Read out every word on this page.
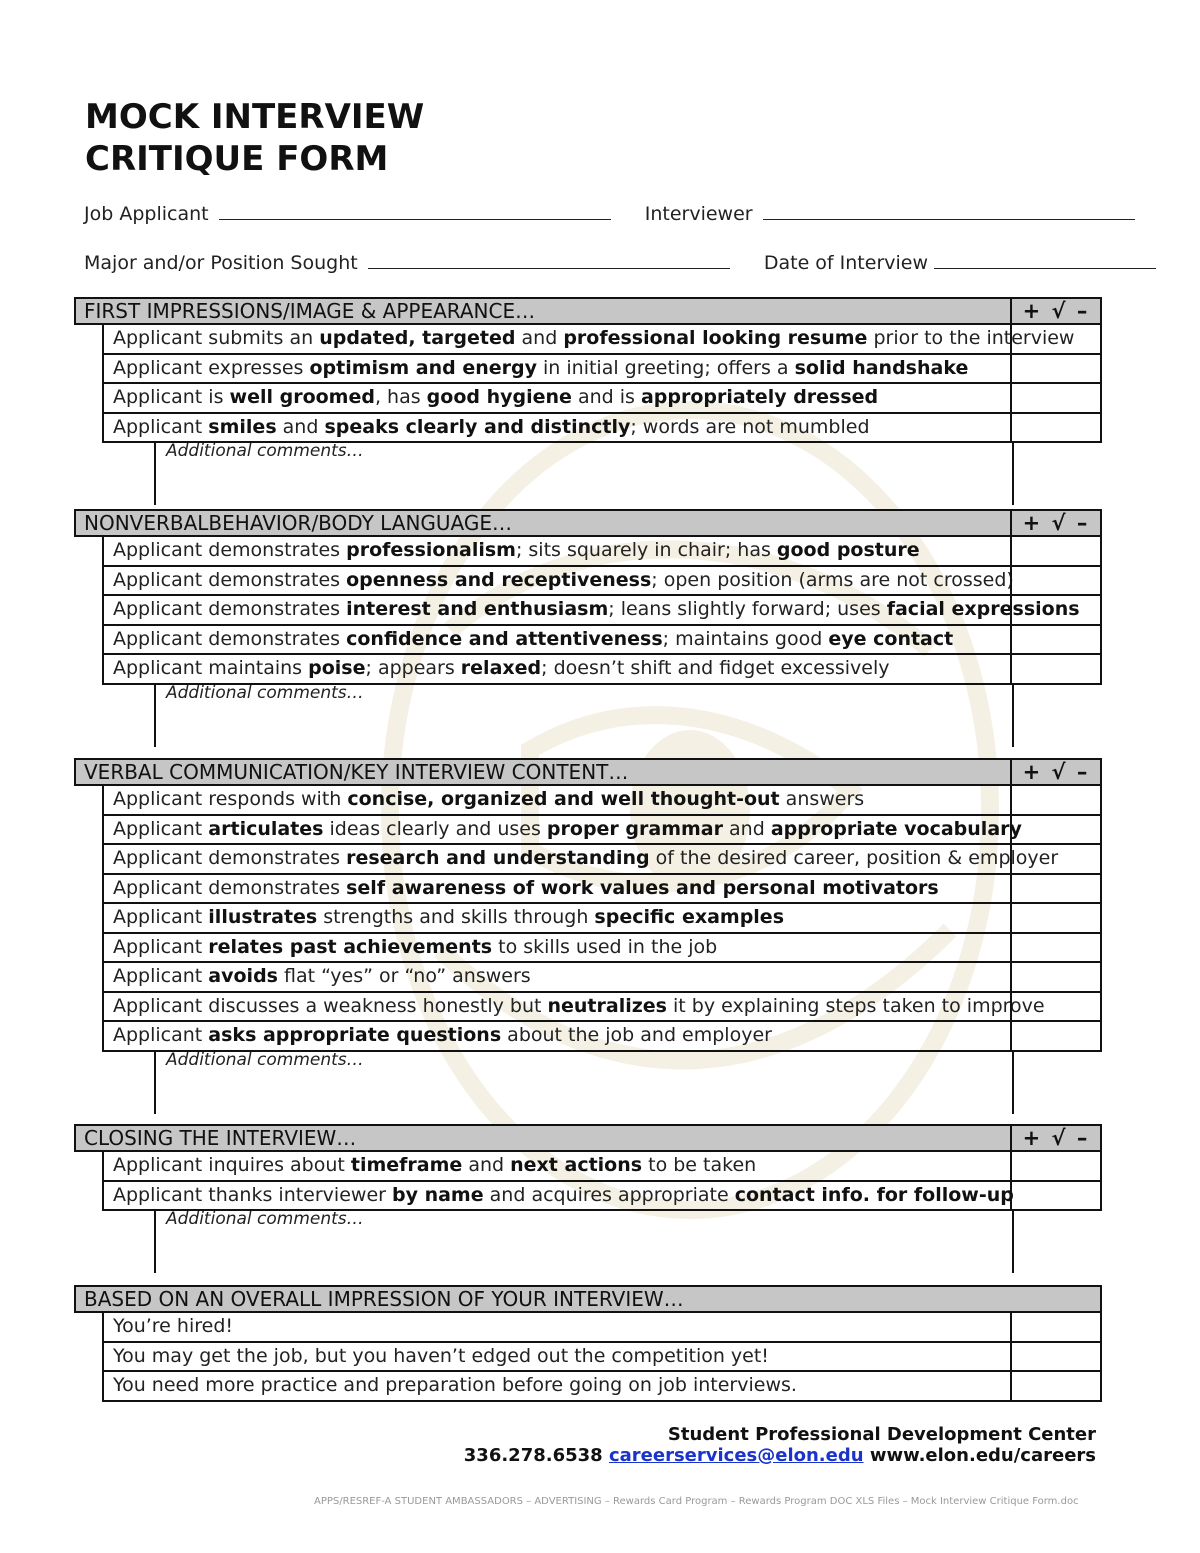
MOCK INTERVIEW
CRITIQUE FORM
Job Applicant	Interviewer
Major and/or Position Sought	Date of Interview
FIRST IMPRESSIONS/IMAGE & APPEARANCE…	+ √ –
Applicant submits an updated, targeted and professional looking resume prior to the interview
Applicant expresses optimism and energy in initial greeting; offers a solid handshake
Applicant is well groomed, has good hygiene and is appropriately dressed
Applicant smiles and speaks clearly and distinctly; words are not mumbled
Additional comments…
NONVERBALBEHAVIOR/BODY LANGUAGE…	+ √ –
Applicant demonstrates professionalism; sits squarely in chair; has good posture
Applicant demonstrates openness and receptiveness; open position (arms are not crossed)
Applicant demonstrates interest and enthusiasm; leans slightly forward; uses facial expressions
Applicant demonstrates confidence and attentiveness; maintains good eye contact
Applicant maintains poise; appears relaxed; doesn’t shift and fidget excessively
Additional comments…
VERBAL COMMUNICATION/KEY INTERVIEW CONTENT…	+ √ –
Applicant responds with concise, organized and well thought-out answers
Applicant articulates ideas clearly and uses proper grammar and appropriate vocabulary
Applicant demonstrates research and understanding of the desired career, position & employer
Applicant demonstrates self awareness of work values and personal motivators
Applicant illustrates strengths and skills through specific examples
Applicant relates past achievements to skills used in the job
Applicant avoids flat “yes” or “no” answers
Applicant discusses a weakness honestly but neutralizes it by explaining steps taken to improve
Applicant asks appropriate questions about the job and employer
Additional comments…
CLOSING THE INTERVIEW…	+ √ –
Applicant inquires about timeframe and next actions to be taken
Applicant thanks interviewer by name and acquires appropriate contact info. for follow-up
Additional comments…
BASED ON AN OVERALL IMPRESSION OF YOUR INTERVIEW…
You’re hired!
You may get the job, but you haven’t edged out the competition yet!
You need more practice and preparation before going on job interviews.
Student Professional Development Center
336.278.6538 careerservices@elon.edu www.elon.edu/careers
APPS/RESREF-A STUDENT AMBASSADORS – ADVERTISING – Rewards Card Program – Rewards Program DOC XLS Files – Mock Interview Critique Form.doc
